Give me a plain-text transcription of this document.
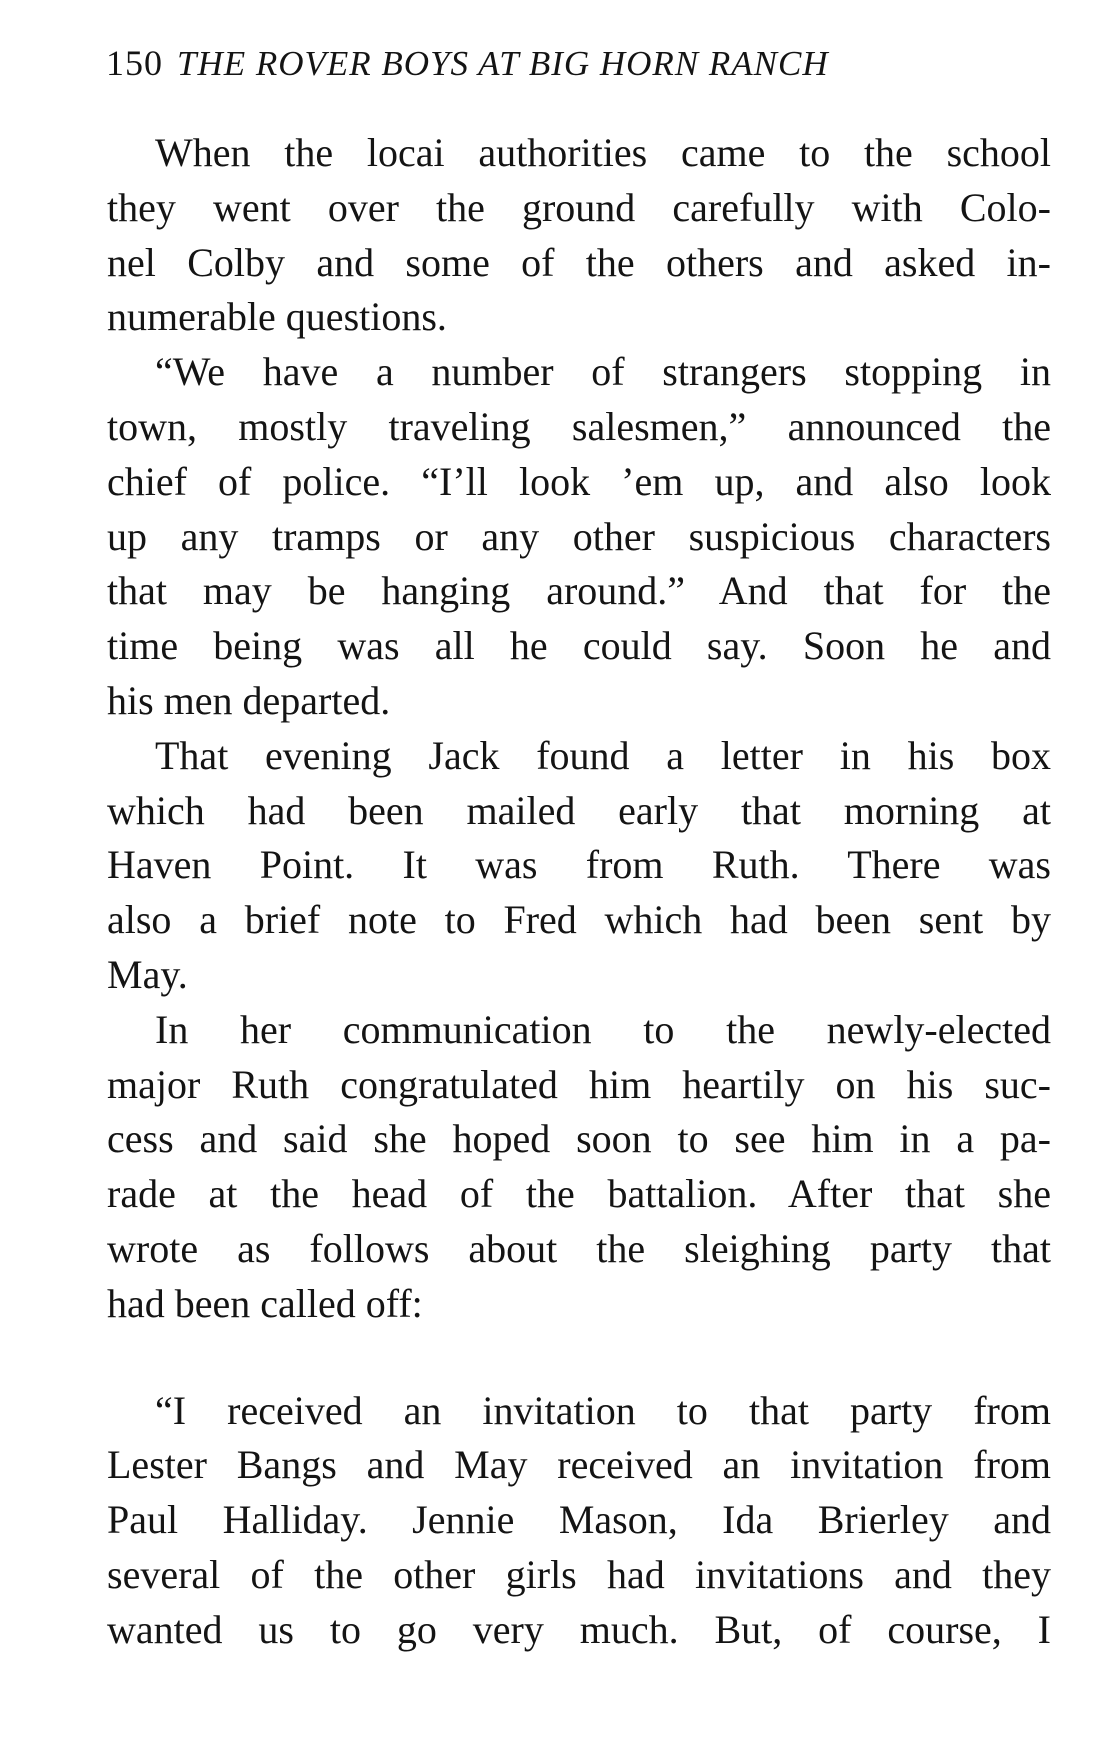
150 THE ROVER BOYS AT BIG HORN RANCH

When the locai authorities came to the school
they went over the ground carefully with Colo-
nel Colby and some of the others and asked in-
numerable questions.

“We have a number of strangers stopping in
town, mostly traveling salesmen,” announced the
chief of police. “I’ll look ’em up, and also look
up any tramps or any other suspicious characters
that may be hanging around.” And that for the
time being was all he could say. Soon he and
his men departed.

That evening Jack found a letter in his box
which had been mailed early that morning at
Haven Point. It was from Ruth. There was
also a brief note to Fred which had been sent by
May.

In her communication to the newly-elected
major Ruth congratulated him heartily on his suc-
cess and said she hoped soon to see him in a pa-
rade at the head of the battalion. After that she
wrote as follows about the sleighing party that
had been called off:

“I received an invitation to that party from
Lester Bangs and May received an invitation from
Paul Halliday. Jennie Mason, Ida Brierley and
several of the other girls had invitations and they
wanted us to go very much. But, of course, I
